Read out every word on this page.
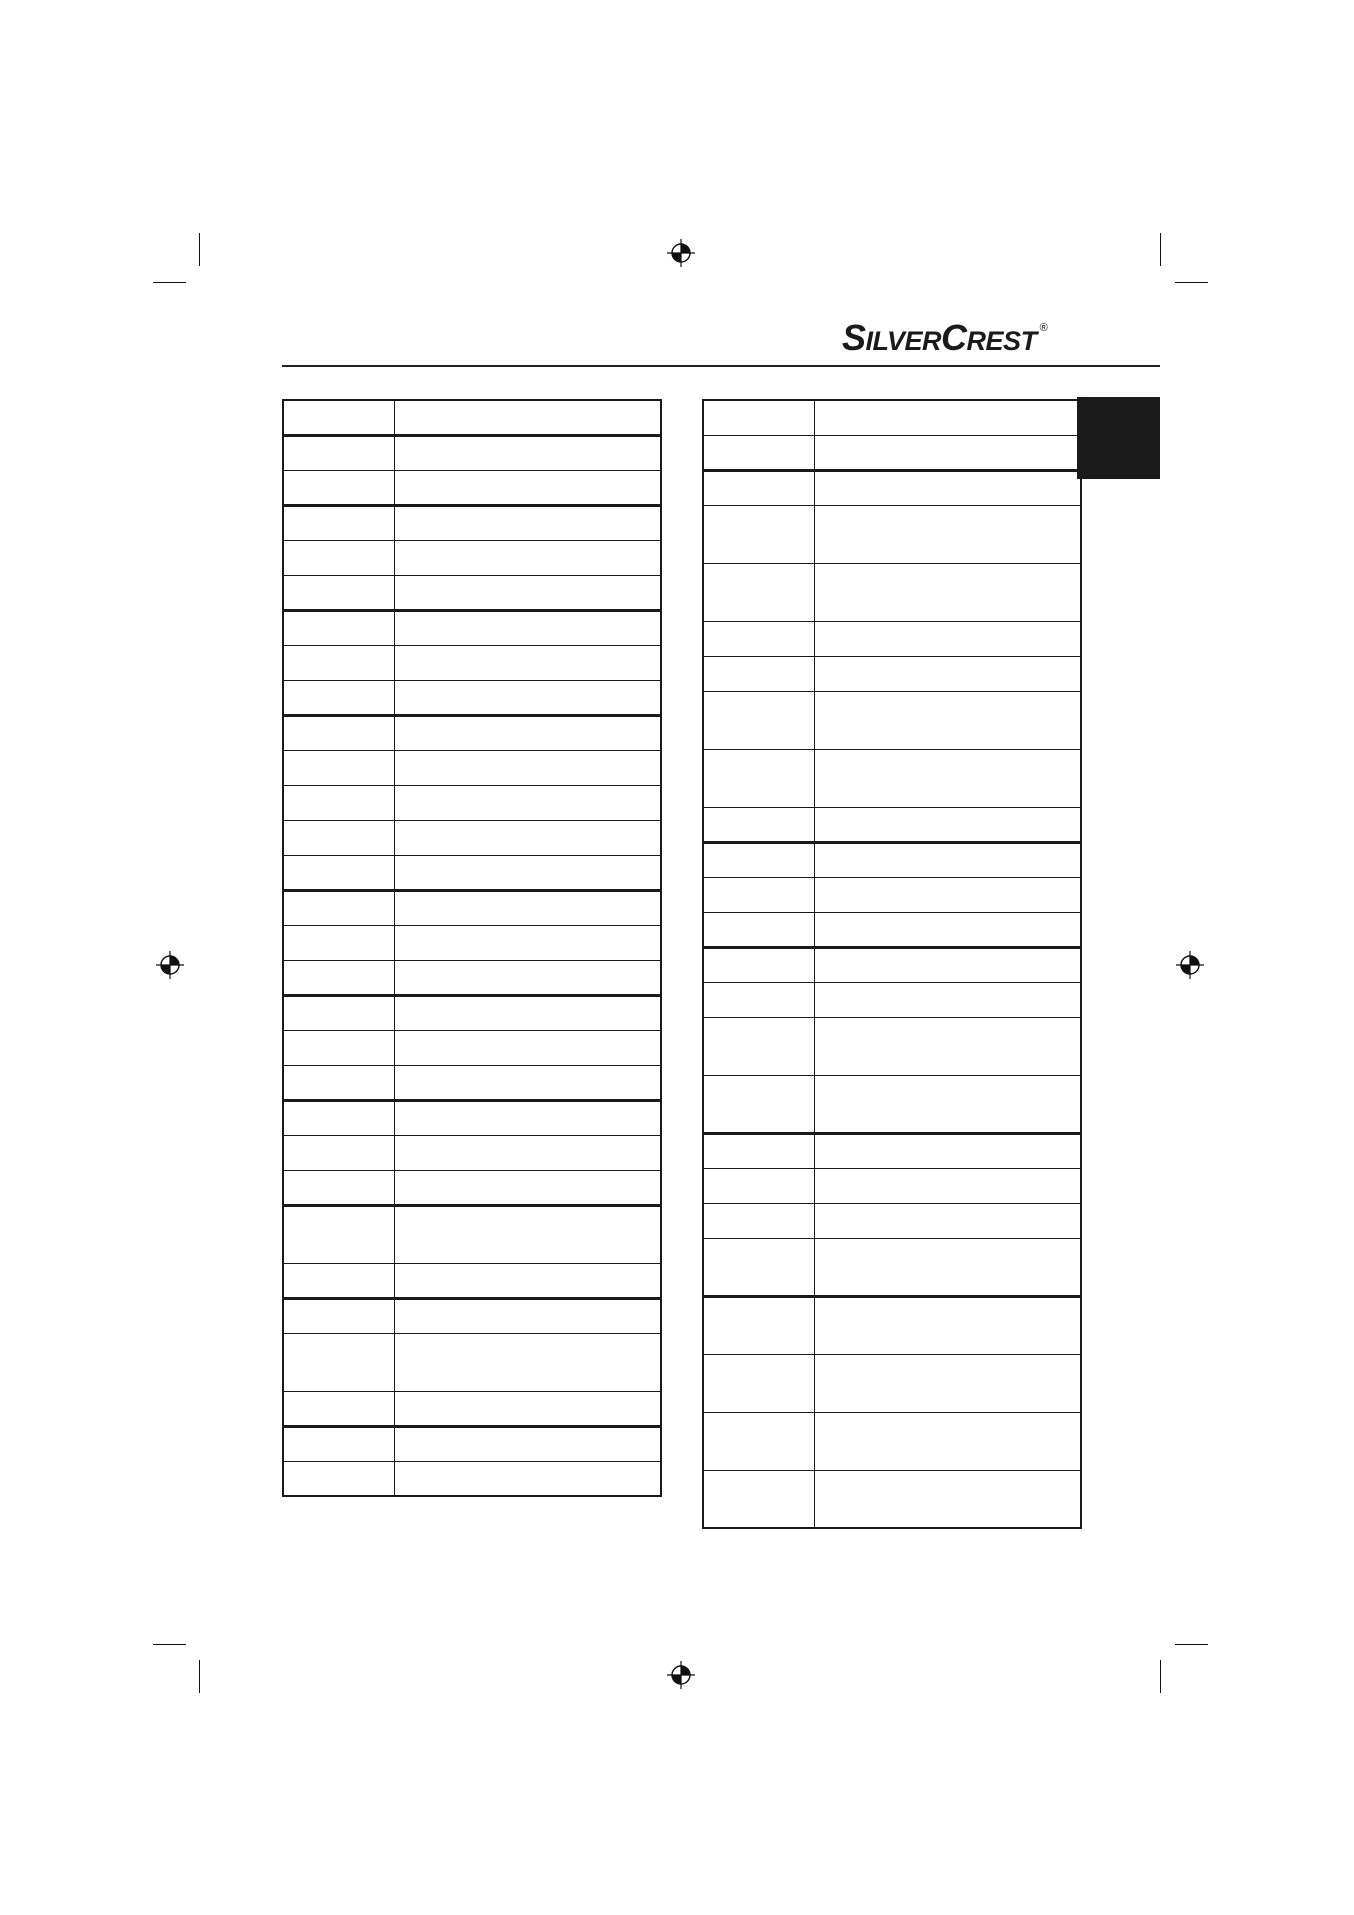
S ILVER C REST ®
